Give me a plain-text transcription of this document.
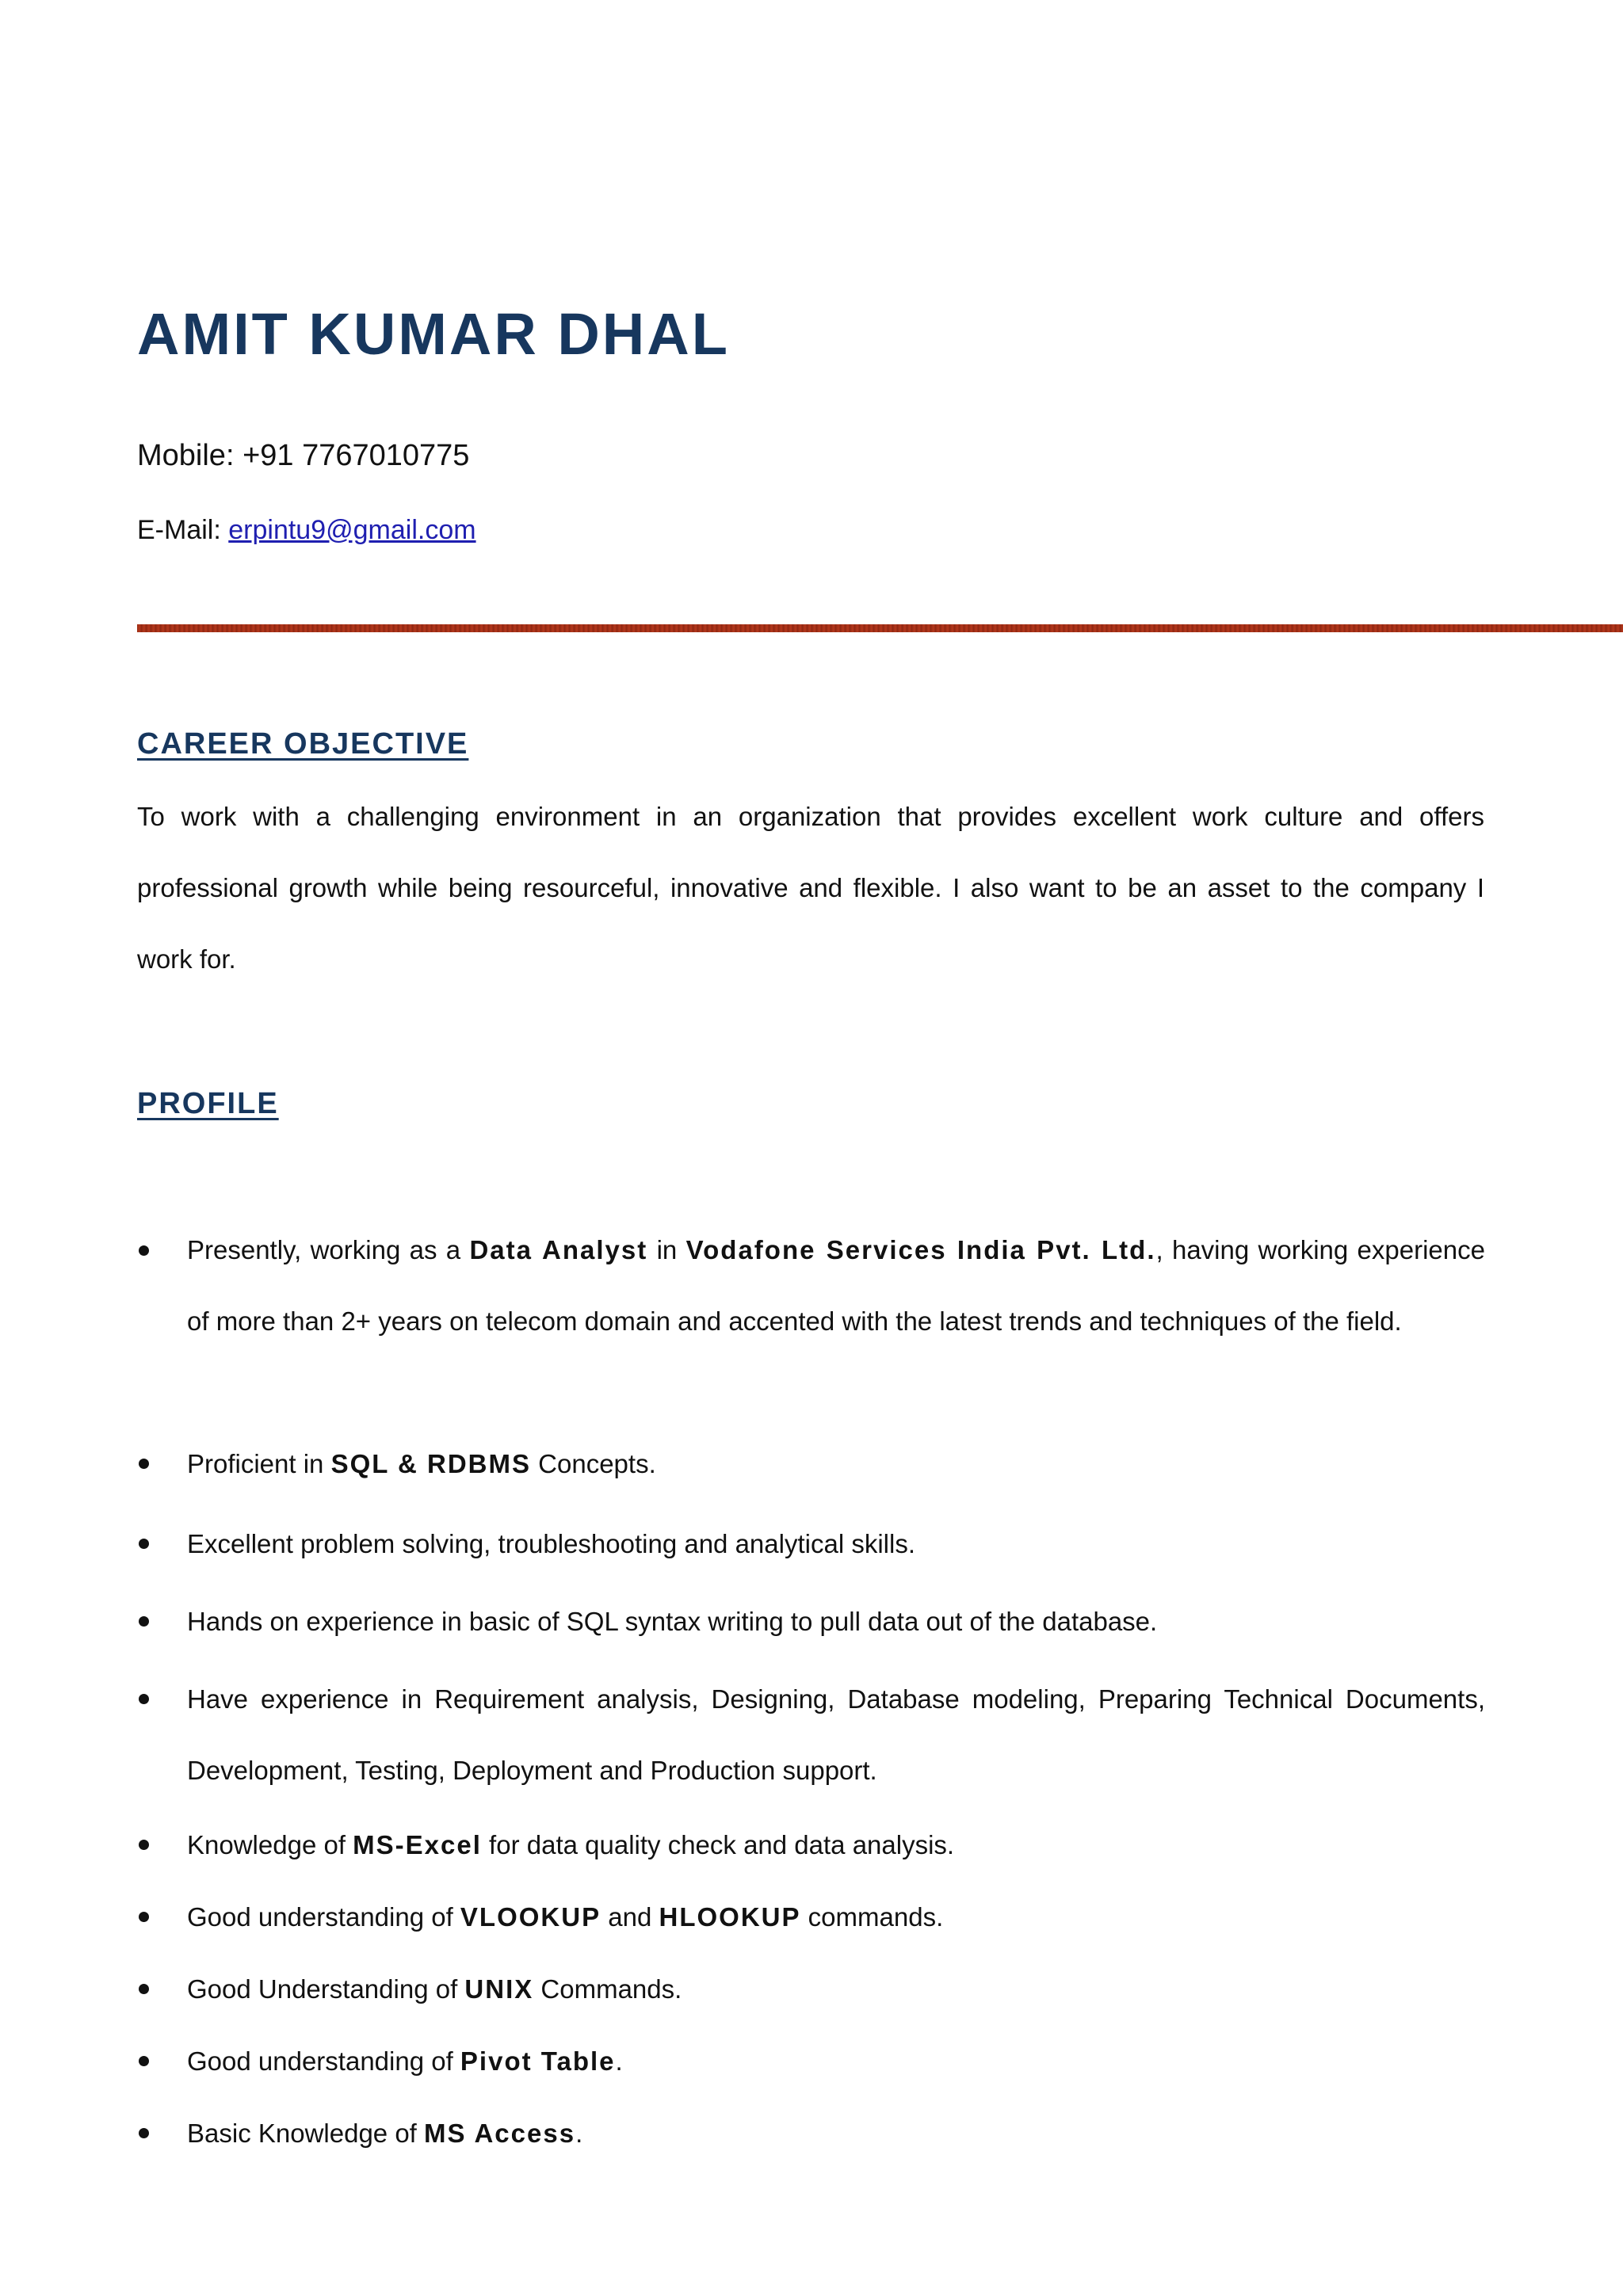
AMIT KUMAR DHAL
Mobile: +91 7767010775
E-Mail: erpintu9@gmail.com
CAREER OBJECTIVE

To work with a challenging environment in an organization that provides excellent work culture and offers professional growth while being resourceful, innovative and flexible. I also want to be an asset to the company I work for.

PROFILE

Presently, working as a Data Analyst in Vodafone Services India Pvt. Ltd., having working experience of more than 2+ years on telecom domain and accented with the latest trends and techniques of the field.

Proficient in SQL & RDBMS Concepts.

Excellent problem solving, troubleshooting and analytical skills.

Hands on experience in basic of SQL syntax writing to pull data out of the database.

Have experience in Requirement analysis, Designing, Database modeling, Preparing Technical Documents, Development, Testing, Deployment and Production support.

Knowledge of MS-Excel for data quality check and data analysis.

Good understanding of VLOOKUP and HLOOKUP commands.

Good Understanding of UNIX Commands.

Good understanding of Pivot Table.

Basic Knowledge of MS Access.
